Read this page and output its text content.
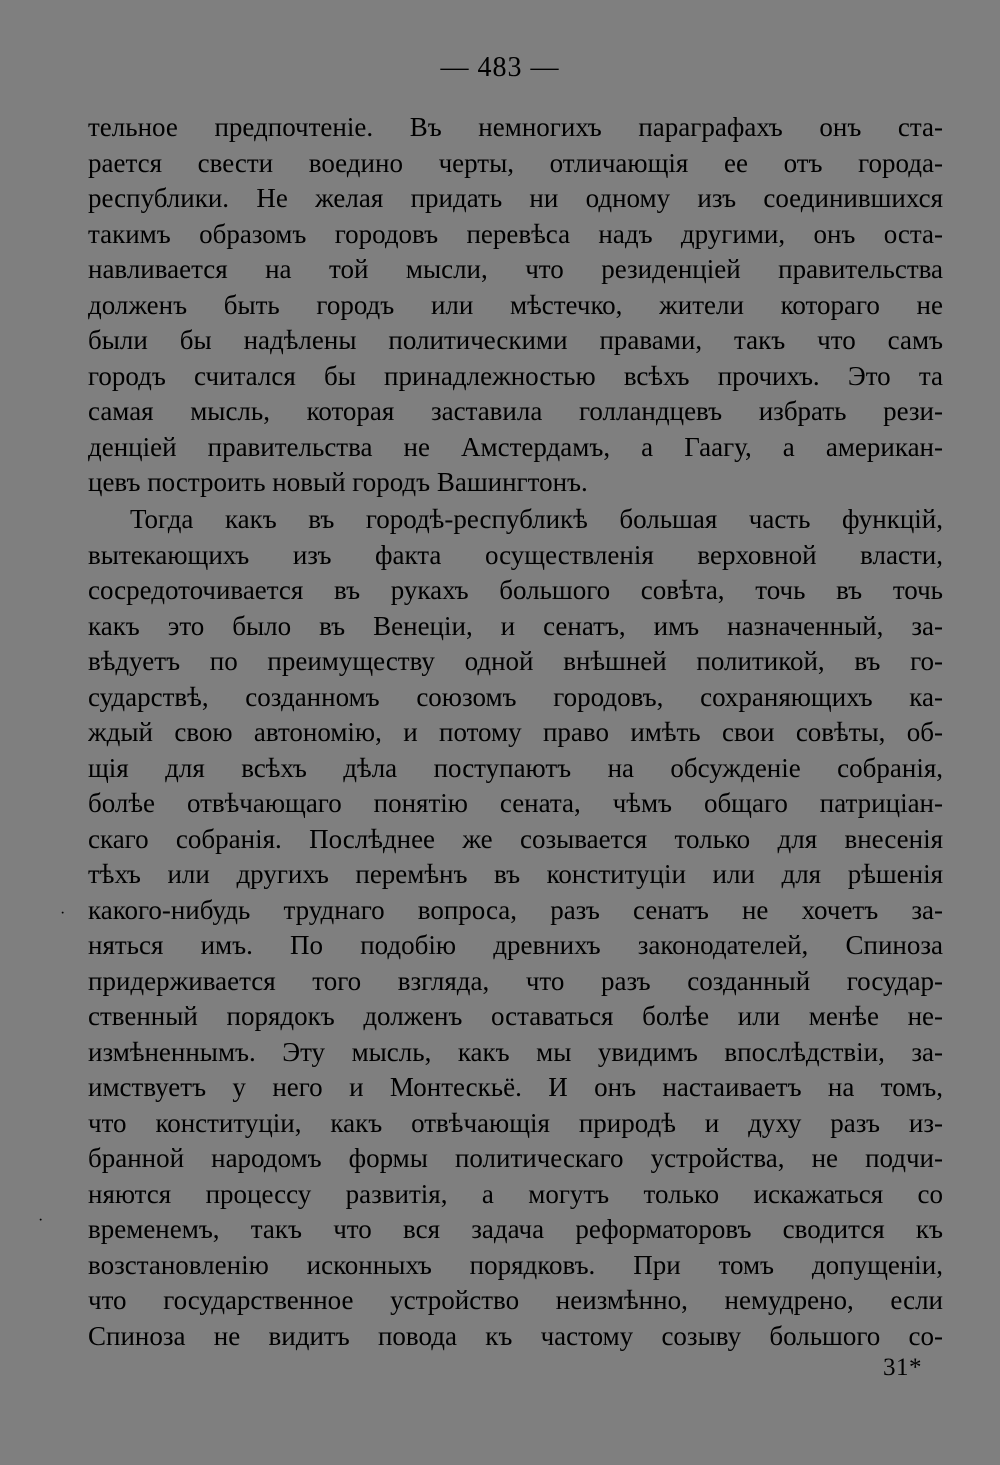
— 483 —
тельное предпочтеніе. Въ немногихъ параграфахъ онъ ста-
рается свести воедино черты, отличающія ее отъ города-
республики. Не желая придать ни одному изъ соединившихся
такимъ образомъ городовъ перевѣса надъ другими, онъ оста-
навливается на той мысли, что резиденціей правительства
долженъ быть городъ или мѣстечко, жители котораго не
были бы надѣлены политическими правами, такъ что самъ
городъ считался бы принадлежностью всѣхъ прочихъ. Это та
самая мысль, которая заставила голландцевъ избрать рези-
денціей правительства не Амстердамъ, а Гаагу, а американ-
цевъ построить новый городъ Вашингтонъ.
Тогда какъ въ городѣ-республикѣ большая часть функцій,
вытекающихъ изъ факта осуществленія верховной власти,
сосредоточивается въ рукахъ большого совѣта, точь въ точь
какъ это было въ Венеціи, и сенатъ, имъ назначенный, за-
вѣдуетъ по преимуществу одной внѣшней политикой, въ го-
сударствѣ, созданномъ союзомъ городовъ, сохраняющихъ ка-
ждый свою автономію, и потому право имѣть свои совѣты, об-
щія для всѣхъ дѣла поступаютъ на обсужденіе собранія,
болѣе отвѣчающаго понятію сената, чѣмъ общаго патриціан-
скаго собранія. Послѣднее же созывается только для внесенія
тѣхъ или другихъ перемѣнъ въ конституціи или для рѣшенія
какого-нибудь труднаго вопроса, разъ сенатъ не хочетъ за-
няться имъ. По подобію древнихъ законодателей, Спиноза
придерживается того взгляда, что разъ созданный государ-
ственный порядокъ долженъ оставаться болѣе или менѣе не-
измѣненнымъ. Эту мысль, какъ мы увидимъ впослѣдствіи, за-
имствуетъ у него и Монтескьё. И онъ настаиваетъ на томъ,
что конституціи, какъ отвѣчающія природѣ и духу разъ из-
бранной народомъ формы политическаго устройства, не подчи-
няются процессу развитія, а могутъ только искажаться со
временемъ, такъ что вся задача реформаторовъ сводится къ
возстановленію исконныхъ порядковъ. При томъ допущеніи,
что государственное устройство неизмѣнно, немудрено, если
Спиноза не видитъ повода къ частому созыву большого со-
31*
·
·
